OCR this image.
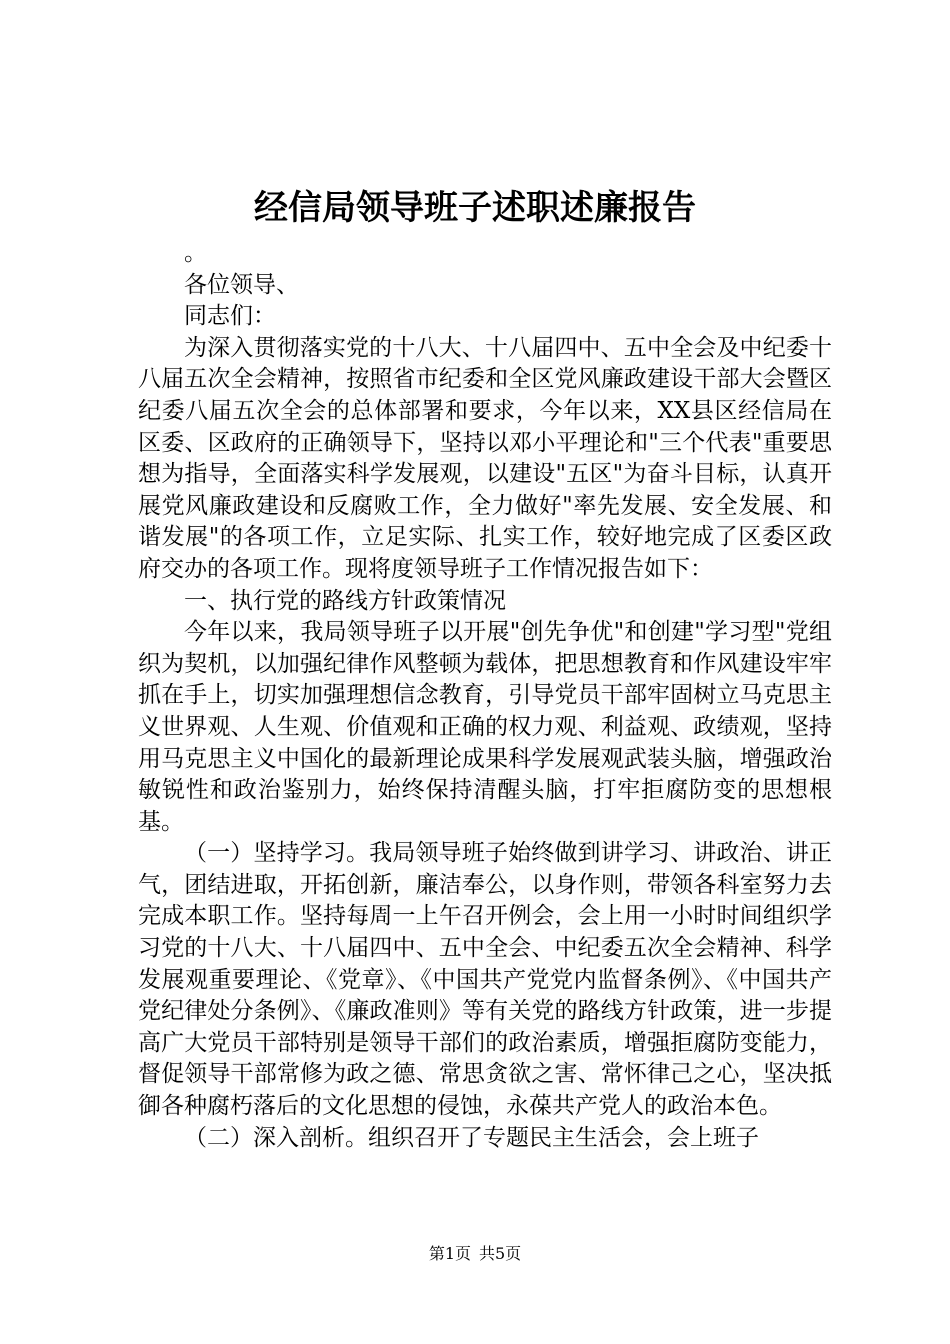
经信局领导班子述职述廉报告

。

各位领导、

同志们：

为深入贯彻落实党的十八大、十八届四中、五中全会及中纪委十八届五次全会精神，按照省市纪委和全区党风廉政建设干部大会暨区纪委八届五次全会的总体部署和要求，今年以来，XX县区经信局在区委、区政府的正确领导下，坚持以邓小平理论和"三个代表"重要思想为指导，全面落实科学发展观，以建设"五区"为奋斗目标，认真开展党风廉政建设和反腐败工作，全力做好"率先发展、安全发展、和谐发展"的各项工作，立足实际、扎实工作，较好地完成了区委区政府交办的各项工作。现将度领导班子工作情况报告如下：

一、执行党的路线方针政策情况

今年以来，我局领导班子以开展"创先争优"和创建"学习型"党组织为契机，以加强纪律作风整顿为载体，把思想教育和作风建设牢牢抓在手上，切实加强理想信念教育，引导党员干部牢固树立马克思主义世界观、人生观、价值观和正确的权力观、利益观、政绩观，坚持用马克思主义中国化的最新理论成果科学发展观武装头脑，增强政治敏锐性和政治鉴别力，始终保持清醒头脑，打牢拒腐防变的思想根基。

（一）坚持学习。我局领导班子始终做到讲学习、讲政治、讲正气，团结进取，开拓创新，廉洁奉公，以身作则，带领各科室努力去完成本职工作。坚持每周一上午召开例会，会上用一小时时间组织学习党的十八大、十八届四中、五中全会、中纪委五次全会精神、科学发展观重要理论、《党章》、《中国共产党党内监督条例》、《中国共产党纪律处分条例》、《廉政准则》等有关党的路线方针政策，进一步提高广大党员干部特别是领导干部们的政治素质，增强拒腐防变能力，督促领导干部常修为政之德、常思贪欲之害、常怀律己之心，坚决抵御各种腐朽落后的文化思想的侵蚀，永葆共产党人的政治本色。

（二）深入剖析。组织召开了专题民主生活会，会上班子

第1页 共5页
